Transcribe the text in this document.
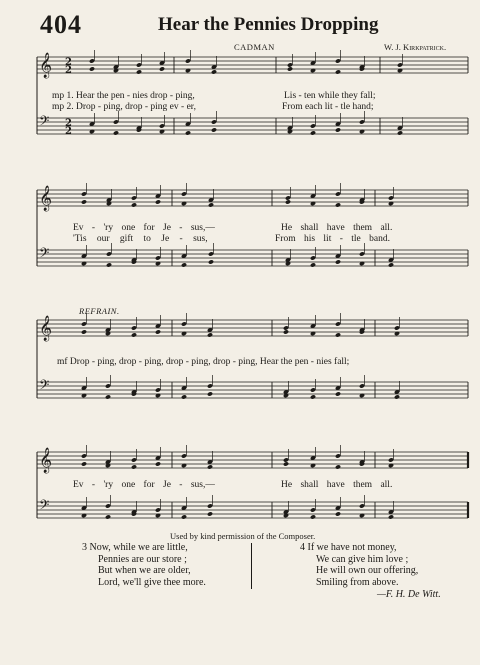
404	Hear the Pennies Dropping
CADMAN	W. J. Kirkpatrick.
𝄞 2
2
𝄢 2
2
𝄞
𝄢
𝄞
𝄢
𝄞
𝄢
mp 1. Hear the pen - nies drop - ping,	Lis - ten while they fall;
mp 2. Drop - ping, drop - ping ev - er,	From each lit - tle hand;
Ev - 'ry one for Je - sus,—	He shall have them all.
'Tis our gift to Je - sus,	From his lit - tle band.
REFRAIN.
mf Drop - ping, drop - ping, drop - ping, drop - ping, Hear the pen - nies fall;
Ev - 'ry one for Je - sus,—	He shall have them all.
Used by kind permission of the Composer.
3 Now, while we are little,
Pennies are our store ;
But when we are older,
Lord, we'll give thee more.
4 If we have not money,
We can give him love ;
He will own our offering,
Smiling from above.
—F. H. De Witt.
